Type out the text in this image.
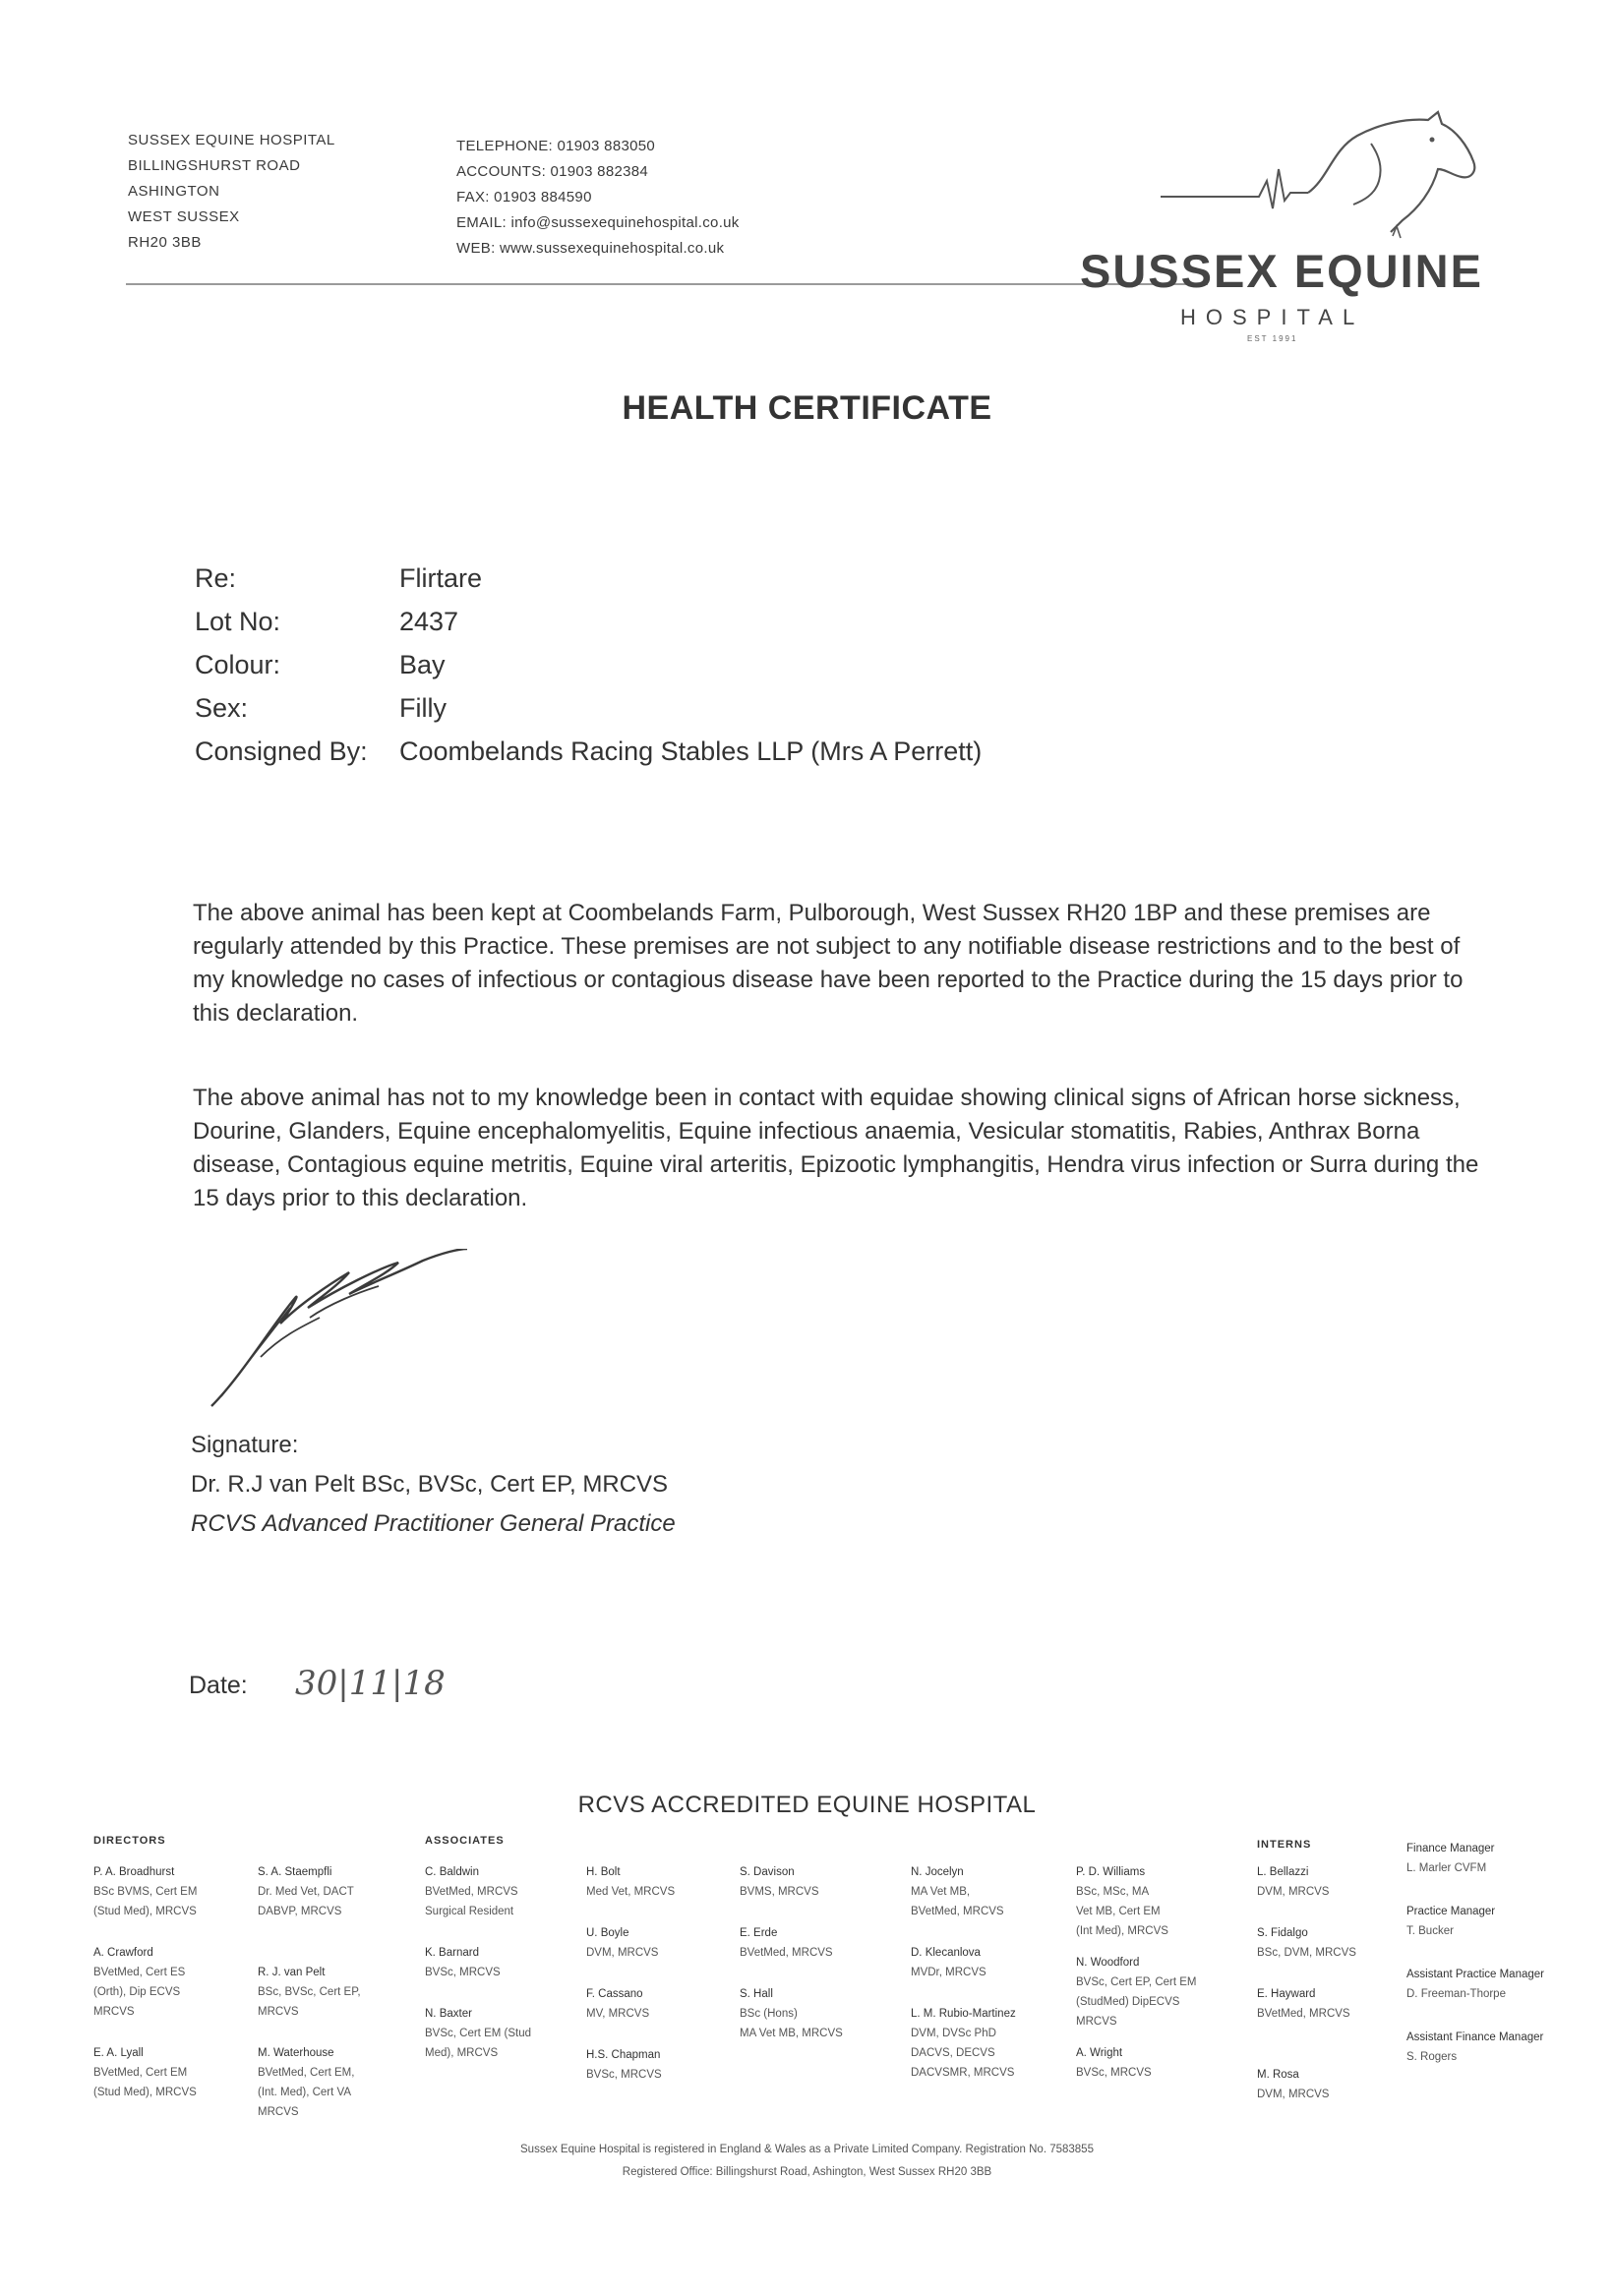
SUSSEX EQUINE HOSPITAL
BILLINGSHURST ROAD
ASHINGTON
WEST SUSSEX
RH20 3BB
TELEPHONE: 01903 883050
ACCOUNTS: 01903 882384
FAX: 01903 884590
EMAIL: info@sussexequinehospital.co.uk
WEB: www.sussexequinehospital.co.uk	SUSSEX EQUINE
HOSPITAL
EST 1991
HEALTH CERTIFICATE
Re:	Flirtare
Lot No:	2437
Colour:	Bay
Sex:	Filly
Consigned By:	Coombelands Racing Stables LLP (Mrs A Perrett)
The above animal has been kept at Coombelands Farm, Pulborough, West Sussex RH20 1BP and these premises are regularly attended by this Practice. These premises are not subject to any notifiable disease restrictions and to the best of my knowledge no cases of infectious or contagious disease have been reported to the Practice during the 15 days prior to this declaration.
The above animal has not to my knowledge been in contact with equidae showing clinical signs of African horse sickness, Dourine, Glanders, Equine encephalomyelitis, Equine infectious anaemia, Vesicular stomatitis, Rabies, Anthrax Borna disease, Contagious equine metritis, Equine viral arteritis, Epizootic lymphangitis, Hendra virus infection or Surra during the 15 days prior to this declaration.
Signature:
Dr. R.J van Pelt BSc, BVSc, Cert EP, MRCVS
RCVS Advanced Practitioner General Practice
Date: 30|11|18
RCVS ACCREDITED EQUINE HOSPITAL
DIRECTORS
P. A. Broadhurst
BSc BVMS, Cert EM
(Stud Med), MRCVS
A. Crawford
BVetMed, Cert ES
(Orth), Dip ECVS
MRCVS
E. A. Lyall
BVetMed, Cert EM
(Stud Med), MRCVS
S. A. Staempfli
Dr. Med Vet, DACT
DABVP, MRCVS
R. J. van Pelt
BSc, BVSc, Cert EP,
MRCVS
M. Waterhouse
BVetMed, Cert EM,
(Int. Med), Cert VA
MRCVS
ASSOCIATES
C. Baldwin
BVetMed, MRCVS
Surgical Resident
K. Barnard
BVSc, MRCVS
N. Baxter
BVSc, Cert EM (Stud
Med), MRCVS
H. Bolt
Med Vet, MRCVS
U. Boyle
DVM, MRCVS
F. Cassano
MV, MRCVS
H.S. Chapman
BVSc, MRCVS
S. Davison
BVMS, MRCVS
E. Erde
BVetMed, MRCVS
S. Hall
BSc (Hons)
MA Vet MB, MRCVS
N. Jocelyn
MA Vet MB,
BVetMed, MRCVS
D. Klecanlova
MVDr, MRCVS
L. M. Rubio-Martinez
DVM, DVSc PhD
DACVS, DECVS
DACVSMR, MRCVS
P. D. Williams
BSc, MSc, MA
Vet MB, Cert EM
(Int Med), MRCVS
N. Woodford
BVSc, Cert EP, Cert EM
(StudMed) DipECVS
MRCVS
A. Wright
BVSc, MRCVS
INTERNS
L. Bellazzi
DVM, MRCVS
S. Fidalgo
BSc, DVM, MRCVS
E. Hayward
BVetMed, MRCVS
M. Rosa
DVM, MRCVS
Finance Manager
L. Marler CVFM
Practice Manager
T. Bucker
Assistant Practice Manager
D. Freeman-Thorpe
Assistant Finance Manager
S. Rogers
Sussex Equine Hospital is registered in England & Wales as a Private Limited Company. Registration No. 7583855
Registered Office: Billingshurst Road, Ashington, West Sussex RH20 3BB
